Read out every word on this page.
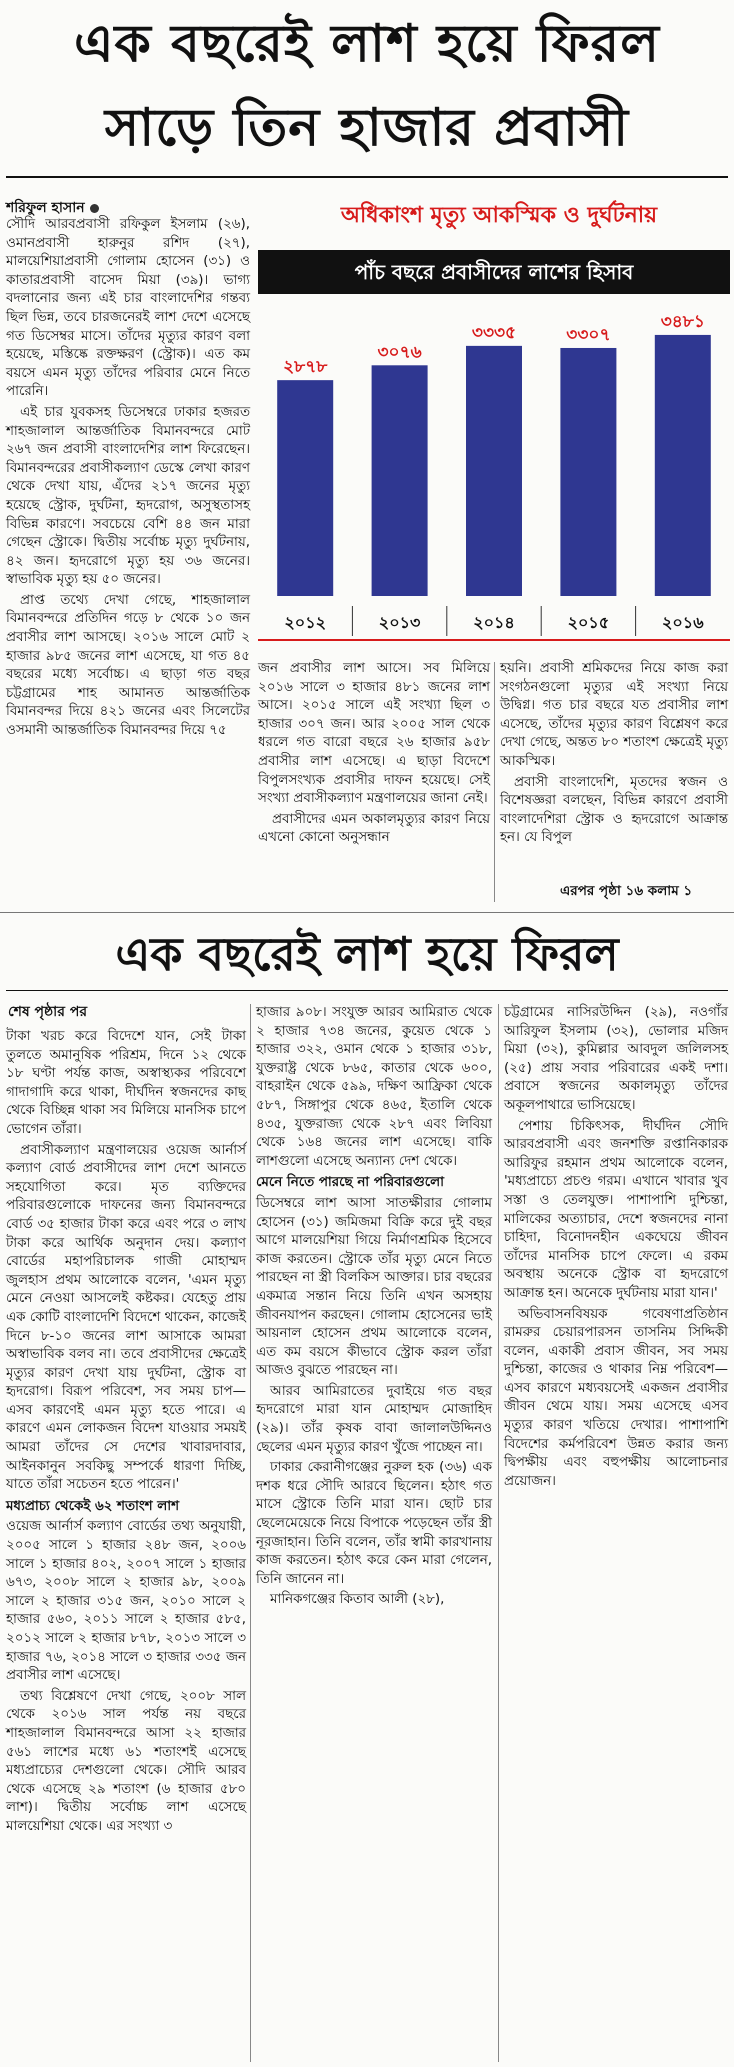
এক বছরেই লাশ হয়ে ফিরল
সাড়ে তিন হাজার প্রবাসী
শরিফুল হাসান	অধিকাংশ মৃত্যু আকস্মিক ও দুর্ঘটনায়
পাঁচ বছরে প্রবাসীদের লাশের হিসাব
২৮৭৮
২০১২
৩০৭৬
২০১৩
৩৩৩৫
২০১৪
৩৩০৭
২০১৫
৩৪৮১
২০১৬

সৌদি আরবপ্রবাসী রফিকুল ইসলাম (২৬), ওমানপ্রবাসী হারুনুর রশিদ (২৭), মালয়েশিয়াপ্রবাসী গোলাম হোসেন (৩১) ও কাতারপ্রবাসী বাসেদ মিয়া (৩৯)। ভাগ্য বদলানোর জন্য এই চার বাংলাদেশির গন্তব্য ছিল ভিন্ন, তবে চারজনেরই লাশ দেশে এসেছে গত ডিসেম্বর মাসে। তাঁদের মৃত্যুর কারণ বলা হয়েছে, মস্তিষ্কে রক্তক্ষরণ (স্ট্রোক)। এত কম বয়সে এমন মৃত্যু তাঁদের পরিবার মেনে নিতে পারেনি।

এই চার যুবকসহ ডিসেম্বরে ঢাকার হজরত শাহজালাল আন্তর্জাতিক বিমানবন্দরে মোট ২৬৭ জন প্রবাসী বাংলাদেশির লাশ ফিরেছেন। বিমানবন্দরের প্রবাসীকল্যাণ ডেস্কে লেখা কারণ থেকে দেখা যায়, এঁদের ২১৭ জনের মৃত্যু হয়েছে স্ট্রোক, দুর্ঘটনা, হৃদরোগ, অসুস্থতাসহ বিভিন্ন কারণে। সবচেয়ে বেশি ৪৪ জন মারা গেছেন স্ট্রোকে। দ্বিতীয় সর্বোচ্চ মৃত্যু দুর্ঘটনায়, ৪২ জন। হৃদরোগে মৃত্যু হয় ৩৬ জনের। স্বাভাবিক মৃত্যু হয় ৫০ জনের।

প্রাপ্ত তথ্যে দেখা গেছে, শাহজালাল বিমানবন্দরে প্রতিদিন গড়ে ৮ থেকে ১০ জন প্রবাসীর লাশ আসছে। ২০১৬ সালে মোট ২ হাজার ৯৮৫ জনের লাশ এসেছে, যা গত ৪৫ বছরের মধ্যে সর্বোচ্চ। এ ছাড়া গত বছর চট্টগ্রামের শাহ আমানত আন্তর্জাতিক বিমানবন্দর দিয়ে ৪২১ জনের এবং সিলেটের ওসমানী আন্তর্জাতিক বিমানবন্দর দিয়ে ৭৫

জন প্রবাসীর লাশ আসে। সব মিলিয়ে ২০১৬ সালে ৩ হাজার ৪৮১ জনের লাশ আসে। ২০১৫ সালে এই সংখ্যা ছিল ৩ হাজার ৩০৭ জন। আর ২০০৫ সাল থেকে ধরলে গত বারো বছরে ২৬ হাজার ৯৫৮ প্রবাসীর লাশ এসেছে। এ ছাড়া বিদেশে বিপুলসংখ্যক প্রবাসীর দাফন হয়েছে। সেই সংখ্যা প্রবাসীকল্যাণ মন্ত্রণালয়ের জানা নেই।

প্রবাসীদের এমন অকালমৃত্যুর কারণ নিয়ে এখনো কোনো অনুসন্ধান

হয়নি। প্রবাসী শ্রমিকদের নিয়ে কাজ করা সংগঠনগুলো মৃত্যুর এই সংখ্যা নিয়ে উদ্বিগ্ন। গত চার বছরে যত প্রবাসীর লাশ এসেছে, তাঁদের মৃত্যুর কারণ বিশ্লেষণ করে দেখা গেছে, অন্তত ৮০ শতাংশ ক্ষেত্রেই মৃত্যু আকস্মিক।

প্রবাসী বাংলাদেশি, মৃতদের স্বজন ও বিশেষজ্ঞরা বলছেন, বিভিন্ন কারণে প্রবাসী বাংলাদেশিরা স্ট্রোক ও হৃদরোগে আক্রান্ত হন। যে বিপুল

এরপর পৃষ্ঠা ১৬ কলাম ১
এক বছরেই লাশ হয়ে ফিরল
শেষ পৃষ্ঠার পর

টাকা খরচ করে বিদেশে যান, সেই টাকা তুলতে অমানুষিক পরিশ্রম, দিনে ১২ থেকে ১৮ ঘণ্টা পর্যন্ত কাজ, অস্বাস্থ্যকর পরিবেশে গাদাগাদি করে থাকা, দীর্ঘদিন স্বজনদের কাছ থেকে বিচ্ছিন্ন থাকা সব মিলিয়ে মানসিক চাপে ভোগেন তাঁরা।

প্রবাসীকল্যাণ মন্ত্রণালয়ের ওয়েজ আর্নার্স কল্যাণ বোর্ড প্রবাসীদের লাশ দেশে আনতে সহযোগিতা করে। মৃত ব্যক্তিদের পরিবারগুলোকে দাফনের জন্য বিমানবন্দরে বোর্ড ৩৫ হাজার টাকা করে এবং পরে ৩ লাখ টাকা করে আর্থিক অনুদান দেয়। কল্যাণ বোর্ডের মহাপরিচালক গাজী মোহাম্মদ জুলহাস প্রথম আলোকে বলেন, 'এমন মৃত্যু মেনে নেওয়া আসলেই কষ্টকর। যেহেতু প্রায় এক কোটি বাংলাদেশি বিদেশে থাকেন, কাজেই দিনে ৮-১০ জনের লাশ আসাকে আমরা অস্বাভাবিক বলব না। তবে প্রবাসীদের ক্ষেত্রেই মৃত্যুর কারণ দেখা যায় দুর্ঘটনা, স্ট্রোক বা হৃদরোগ। বিরূপ পরিবেশ, সব সময় চাপ—এসব কারণেই এমন মৃত্যু হতে পারে। এ কারণে এমন লোকজন বিদেশ যাওয়ার সময়ই আমরা তাঁদের সে দেশের খাবারদাবার, আইনকানুন সবকিছু সম্পর্কে ধারণা দিচ্ছি, যাতে তাঁরা সচেতন হতে পারেন।'

মধ্যপ্রাচ্য থেকেই ৬২ শতাংশ লাশ

ওয়েজ আর্নার্স কল্যাণ বোর্ডের তথ্য অনুযায়ী, ২০০৫ সালে ১ হাজার ২৪৮ জন, ২০০৬ সালে ১ হাজার ৪০২, ২০০৭ সালে ১ হাজার ৬৭৩, ২০০৮ সালে ২ হাজার ৯৮, ২০০৯ সালে ২ হাজার ৩১৫ জন, ২০১০ সালে ২ হাজার ৫৬০, ২০১১ সালে ২ হাজার ৫৮৫, ২০১২ সালে ২ হাজার ৮৭৮, ২০১৩ সালে ৩ হাজার ৭৬, ২০১৪ সালে ৩ হাজার ৩৩৫ জন প্রবাসীর লাশ এসেছে।

তথ্য বিশ্লেষণে দেখা গেছে, ২০০৮ সাল থেকে ২০১৬ সাল পর্যন্ত নয় বছরে শাহজালাল বিমানবন্দরে আসা ২২ হাজার ৫৬১ লাশের মধ্যে ৬১ শতাংশই এসেছে মধ্যপ্রাচ্যের দেশগুলো থেকে। সৌদি আরব থেকে এসেছে ২৯ শতাংশ (৬ হাজার ৫৮০ লাশ)। দ্বিতীয় সর্বোচ্চ লাশ এসেছে মালয়েশিয়া থেকে। এর সংখ্যা ৩

হাজার ৯০৮। সংযুক্ত আরব আমিরাত থেকে ২ হাজার ৭৩৪ জনের, কুয়েত থেকে ১ হাজার ৩২২, ওমান থেকে ১ হাজার ৩১৮, যুক্তরাষ্ট্র থেকে ৮৬৫, কাতার থেকে ৬০০, বাহরাইন থেকে ৫৯৯, দক্ষিণ আফ্রিকা থেকে ৫৮৭, সিঙ্গাপুর থেকে ৪৬৫, ইতালি থেকে ৪৩৫, যুক্তরাজ্য থেকে ২৮৭ এবং লিবিয়া থেকে ১৬৪ জনের লাশ এসেছে। বাকি লাশগুলো এসেছে অন্যান্য দেশ থেকে।

মেনে নিতে পারছে না পরিবারগুলো

ডিসেম্বরে লাশ আসা সাতক্ষীরার গোলাম হোসেন (৩১) জমিজমা বিক্রি করে দুই বছর আগে মালয়েশিয়া গিয়ে নির্মাণশ্রমিক হিসেবে কাজ করতেন। স্ট্রোকে তাঁর মৃত্যু মেনে নিতে পারছেন না স্ত্রী বিলকিস আক্তার। চার বছরের একমাত্র সন্তান নিয়ে তিনি এখন অসহায় জীবনযাপন করছেন। গোলাম হোসেনের ভাই আয়নাল হোসেন প্রথম আলোকে বলেন, এত কম বয়সে কীভাবে স্ট্রোক করল তাঁরা আজও বুঝতে পারছেন না।

আরব আমিরাতের দুবাইয়ে গত বছর হৃদরোগে মারা যান মোহাম্মদ মোজাহিদ (২৯)। তাঁর কৃষক বাবা জালালউদ্দিনও ছেলের এমন মৃত্যুর কারণ খুঁজে পাচ্ছেন না।

ঢাকার কেরানীগঞ্জের নুরুল হক (৩৬) এক দশক ধরে সৌদি আরবে ছিলেন। হঠাৎ গত মাসে স্ট্রোকে তিনি মারা যান। ছোট চার ছেলেমেয়েকে নিয়ে বিপাকে পড়েছেন তাঁর স্ত্রী নূরজাহান। তিনি বলেন, তাঁর স্বামী কারখানায় কাজ করতেন। হঠাৎ করে কেন মারা গেলেন, তিনি জানেন না।

মানিকগঞ্জের কিতাব আলী (২৮),

চট্টগ্রামের নাসিরউদ্দিন (২৯), নওগাঁর আরিফুল ইসলাম (৩২), ভোলার মজিদ মিয়া (৩২), কুমিল্লার আবদুল জলিলসহ (২৫) প্রায় সবার পরিবারের একই দশা। প্রবাসে স্বজনের অকালমৃত্যু তাঁদের অকূলপাথারে ভাসিয়েছে।

পেশায় চিকিৎসক, দীর্ঘদিন সৌদি আরবপ্রবাসী এবং জনশক্তি রপ্তানিকারক আরিফুর রহমান প্রথম আলোকে বলেন, 'মধ্যপ্রাচ্যে প্রচণ্ড গরম। এখানে খাবার খুব সস্তা ও তেলযুক্ত। পাশাপাশি দুশ্চিন্তা, মালিকের অত্যাচার, দেশে স্বজনদের নানা চাহিদা, বিনোদনহীন একঘেয়ে জীবন তাঁদের মানসিক চাপে ফেলে। এ রকম অবস্থায় অনেকে স্ট্রোক বা হৃদরোগে আক্রান্ত হন। অনেকে দুর্ঘটনায় মারা যান।'

অভিবাসনবিষয়ক গবেষণাপ্রতিষ্ঠান রামরুর চেয়ারপারসন তাসনিম সিদ্দিকী বলেন, একাকী প্রবাস জীবন, সব সময় দুশ্চিন্তা, কাজের ও থাকার নিম্ন পরিবেশ—এসব কারণে মধ্যবয়সেই একজন প্রবাসীর জীবন থেমে যায়। সময় এসেছে এসব মৃত্যুর কারণ খতিয়ে দেখার। পাশাপাশি বিদেশের কর্মপরিবেশ উন্নত করার জন্য দ্বিপক্ষীয় এবং বহুপক্ষীয় আলোচনার প্রয়োজন।
